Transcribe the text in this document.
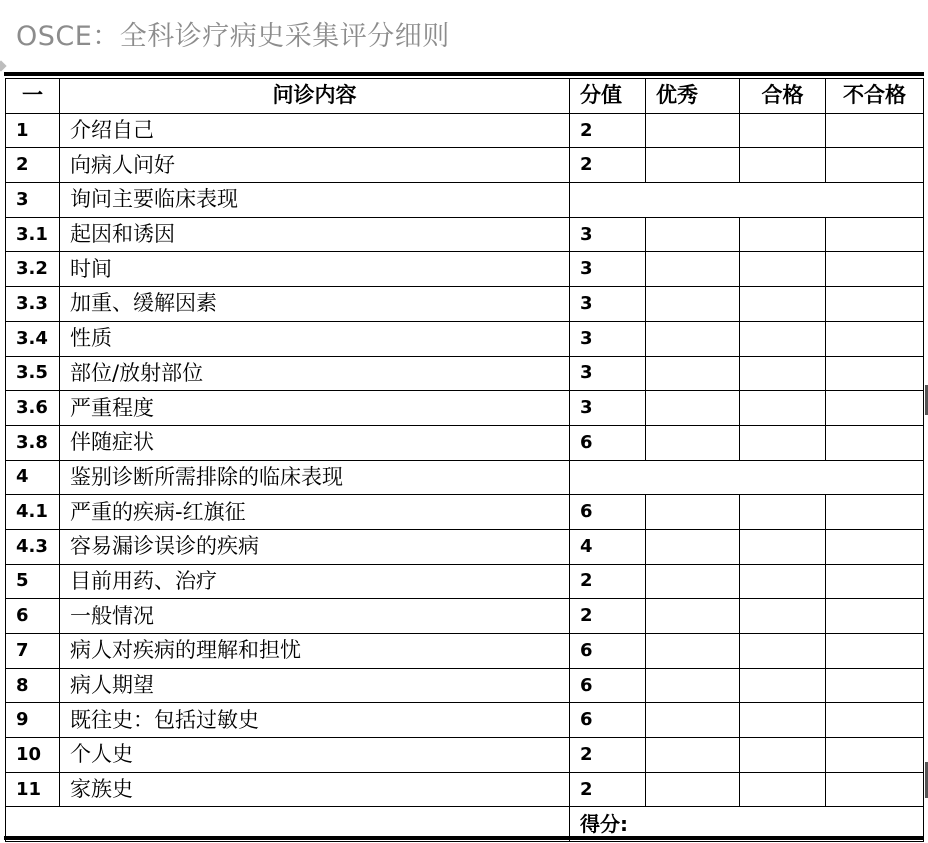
OSCE：全科诊疗病史采集评分细则
一	问诊内容	分值	优秀	合格	不合格
1	介绍自己	2			
2	向病人问好	2			
3	询问主要临床表现				
3.1	起因和诱因	3			
3.2	时间	3			
3.3	加重、缓解因素	3			
3.4	性质	3			
3.5	部位/放射部位	3			
3.6	严重程度	3			
3.8	伴随症状	6			
4	鉴别诊断所需排除的临床表现				
4.1	严重的疾病-红旗征	6			
4.3	容易漏诊误诊的疾病	4			
5	目前用药、治疗	2			
6	一般情况	2			
7	病人对疾病的理解和担忧	6			
8	病人期望	6			
9	既往史：包括过敏史	6			
10	个人史	2			
11	家族史	2			
		得分:			
